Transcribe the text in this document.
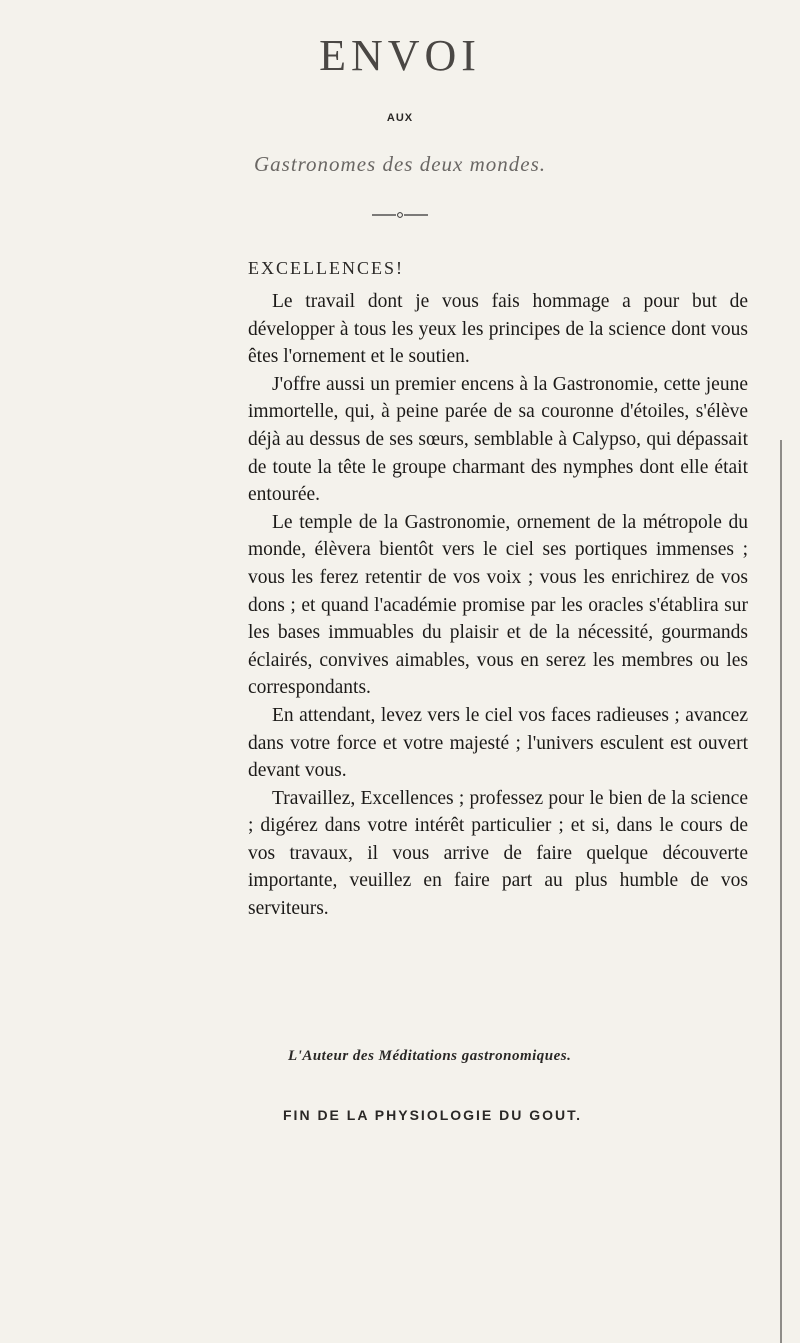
ENVOI
AUX
Gastronomes des deux mondes.
EXCELLENCES!

Le travail dont je vous fais hommage a pour but de développer à tous les yeux les principes de la science dont vous êtes l'ornement et le soutien.

J'offre aussi un premier encens à la Gastronomie, cette jeune immortelle, qui, à peine parée de sa couronne d'étoiles, s'élève déjà au dessus de ses sœurs, semblable à Calypso, qui dépassait de toute la tête le groupe charmant des nymphes dont elle était entourée.

Le temple de la Gastronomie, ornement de la métropole du monde, élèvera bientôt vers le ciel ses portiques immenses ; vous les ferez retentir de vos voix ; vous les enrichirez de vos dons ; et quand l'académie promise par les oracles s'établira sur les bases immuables du plaisir et de la nécessité, gourmands éclairés, convives aimables, vous en serez les membres ou les correspondants.

En attendant, levez vers le ciel vos faces radieuses ; avancez dans votre force et votre majesté ; l'univers esculent est ouvert devant vous.

Travaillez, Excellences ; professez pour le bien de la science ; digérez dans votre intérêt particulier ; et si, dans le cours de vos travaux, il vous arrive de faire quelque découverte importante, veuillez en faire part au plus humble de vos serviteurs.

L'Auteur des Méditations gastronomiques.
FIN DE LA PHYSIOLOGIE DU GOUT.
